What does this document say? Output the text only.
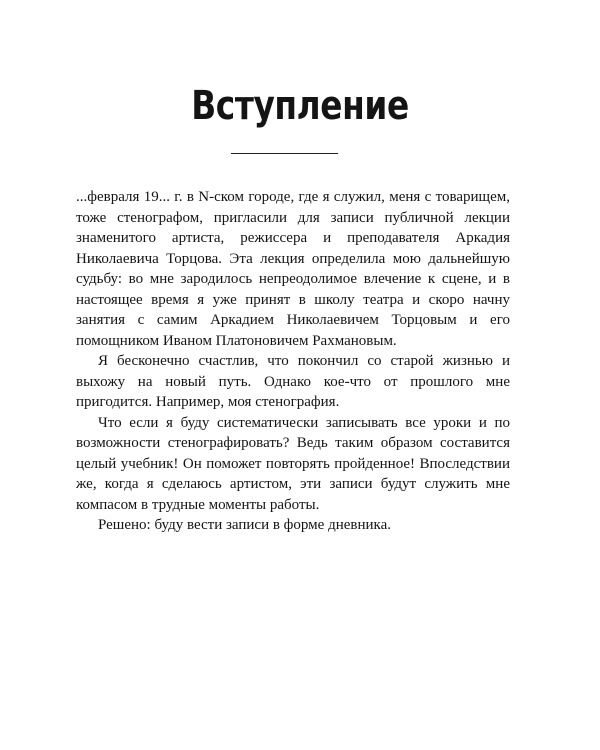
Вступление

...февраля 19... г. в N-ском городе, где я служил, меня с товарищем, тоже стенографом, пригласили для записи публичной лекции знаменитого артиста, режиссера и преподавателя Аркадия Николаевича Торцова. Эта лекция определила мою дальнейшую судьбу: во мне зародилось непреодолимое влечение к сцене, и в настоящее время я уже принят в школу театра и скоро начну занятия с самим Аркадием Николаевичем Торцовым и его помощником Иваном Платоновичем Рахмановым.

Я бесконечно счастлив, что покончил со старой жизнью и выхожу на новый путь. Однако кое-что от прошлого мне пригодится. Например, моя стенография.

Что если я буду систематически записывать все уроки и по возможности стенографировать? Ведь таким образом составится целый учебник! Он поможет повторять пройденное! Впоследствии же, когда я сделаюсь артистом, эти записи будут служить мне компасом в трудные моменты работы.

Решено: буду вести записи в форме дневника.
